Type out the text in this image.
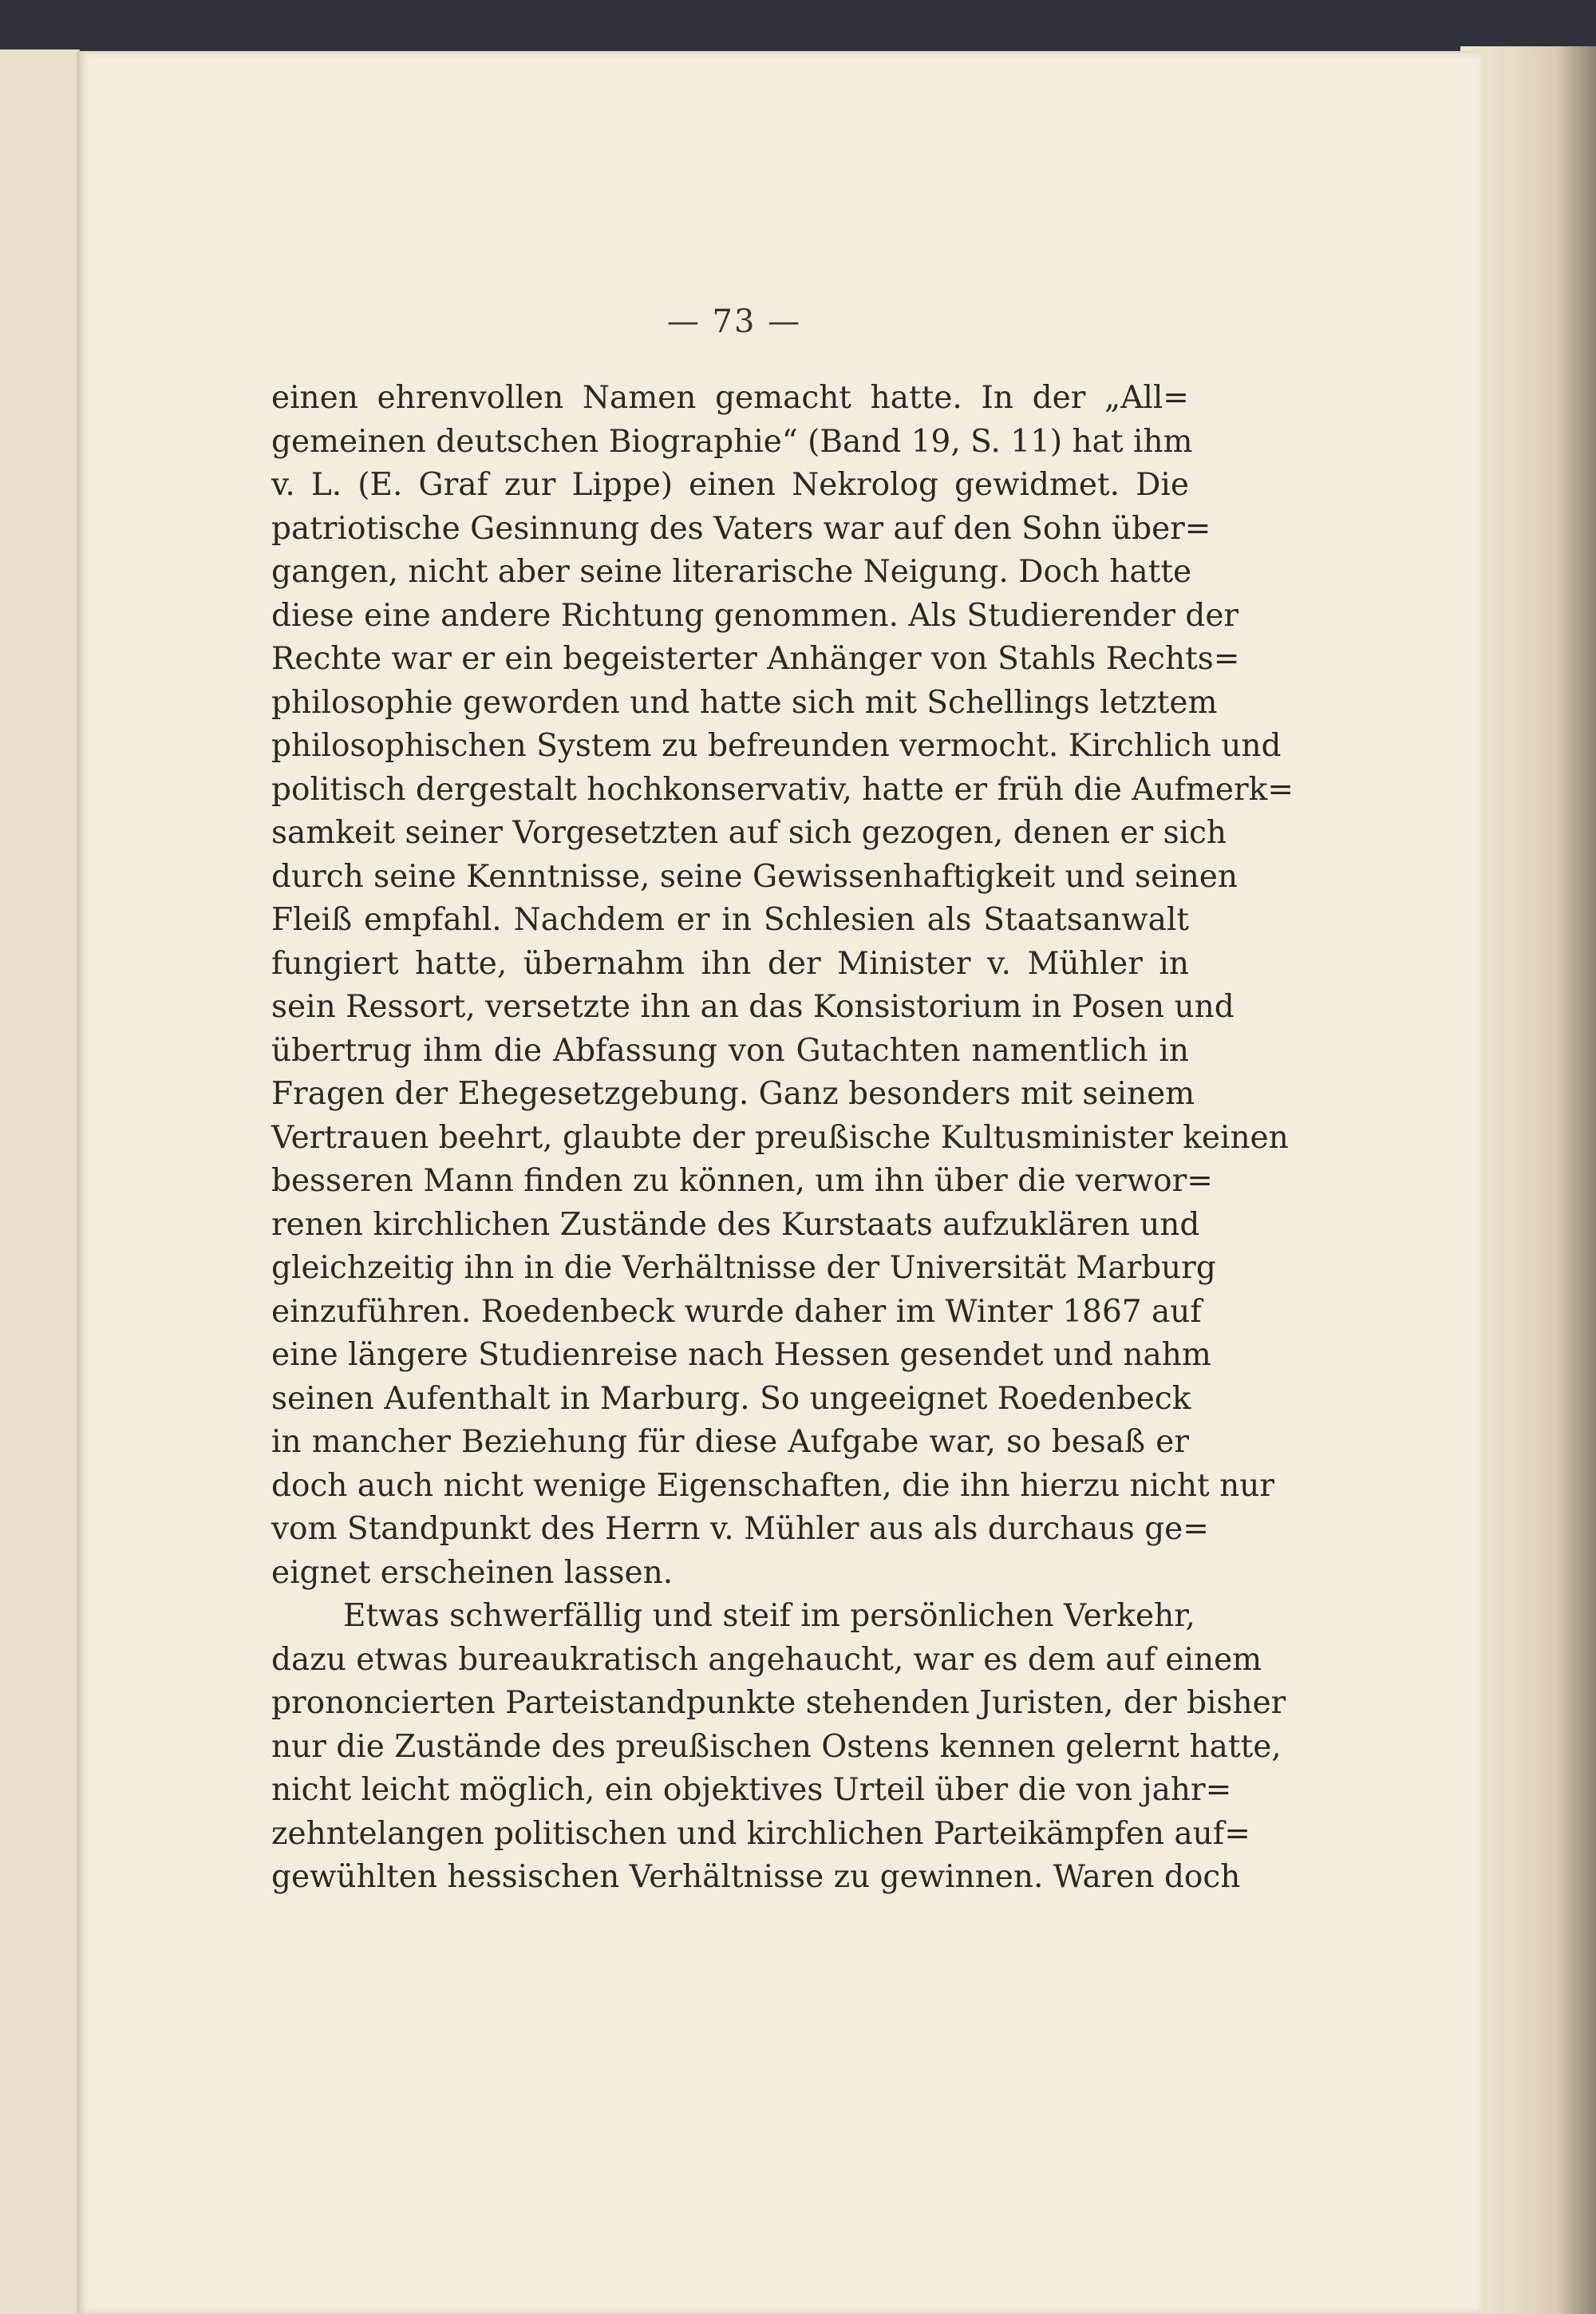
— 73 —
einen ehrenvollen Namen gemacht hatte. In der „All=
gemeinen deutschen Biographie“ (Band 19, S. 11) hat ihm
v. L. (E. Graf zur Lippe) einen Nekrolog gewidmet. Die
patriotische Gesinnung des Vaters war auf den Sohn über=
gangen, nicht aber seine literarische Neigung. Doch hatte
diese eine andere Richtung genommen. Als Studierender der
Rechte war er ein begeisterter Anhänger von Stahls Rechts=
philosophie geworden und hatte sich mit Schellings letztem
philosophischen System zu befreunden vermocht. Kirchlich und
politisch dergestalt hochkonservativ, hatte er früh die Aufmerk=
samkeit seiner Vorgesetzten auf sich gezogen, denen er sich
durch seine Kenntnisse, seine Gewissenhaftigkeit und seinen
Fleiß empfahl. Nachdem er in Schlesien als Staatsanwalt
fungiert hatte, übernahm ihn der Minister v. Mühler in
sein Ressort, versetzte ihn an das Konsistorium in Posen und
übertrug ihm die Abfassung von Gutachten namentlich in
Fragen der Ehegesetzgebung. Ganz besonders mit seinem
Vertrauen beehrt, glaubte der preußische Kultusminister keinen
besseren Mann finden zu können, um ihn über die verwor=
renen kirchlichen Zustände des Kurstaats aufzuklären und
gleichzeitig ihn in die Verhältnisse der Universität Marburg
einzuführen. Roedenbeck wurde daher im Winter 1867 auf
eine längere Studienreise nach Hessen gesendet und nahm
seinen Aufenthalt in Marburg. So ungeeignet Roedenbeck
in mancher Beziehung für diese Aufgabe war, so besaß er
doch auch nicht wenige Eigenschaften, die ihn hierzu nicht nur
vom Standpunkt des Herrn v. Mühler aus als durchaus ge=
eignet erscheinen lassen.
Etwas schwerfällig und steif im persönlichen Verkehr,
dazu etwas bureaukratisch angehaucht, war es dem auf einem
prononcierten Parteistandpunkte stehenden Juristen, der bisher
nur die Zustände des preußischen Ostens kennen gelernt hatte,
nicht leicht möglich, ein objektives Urteil über die von jahr=
zehntelangen politischen und kirchlichen Parteikämpfen auf=
gewühlten hessischen Verhältnisse zu gewinnen. Waren doch
